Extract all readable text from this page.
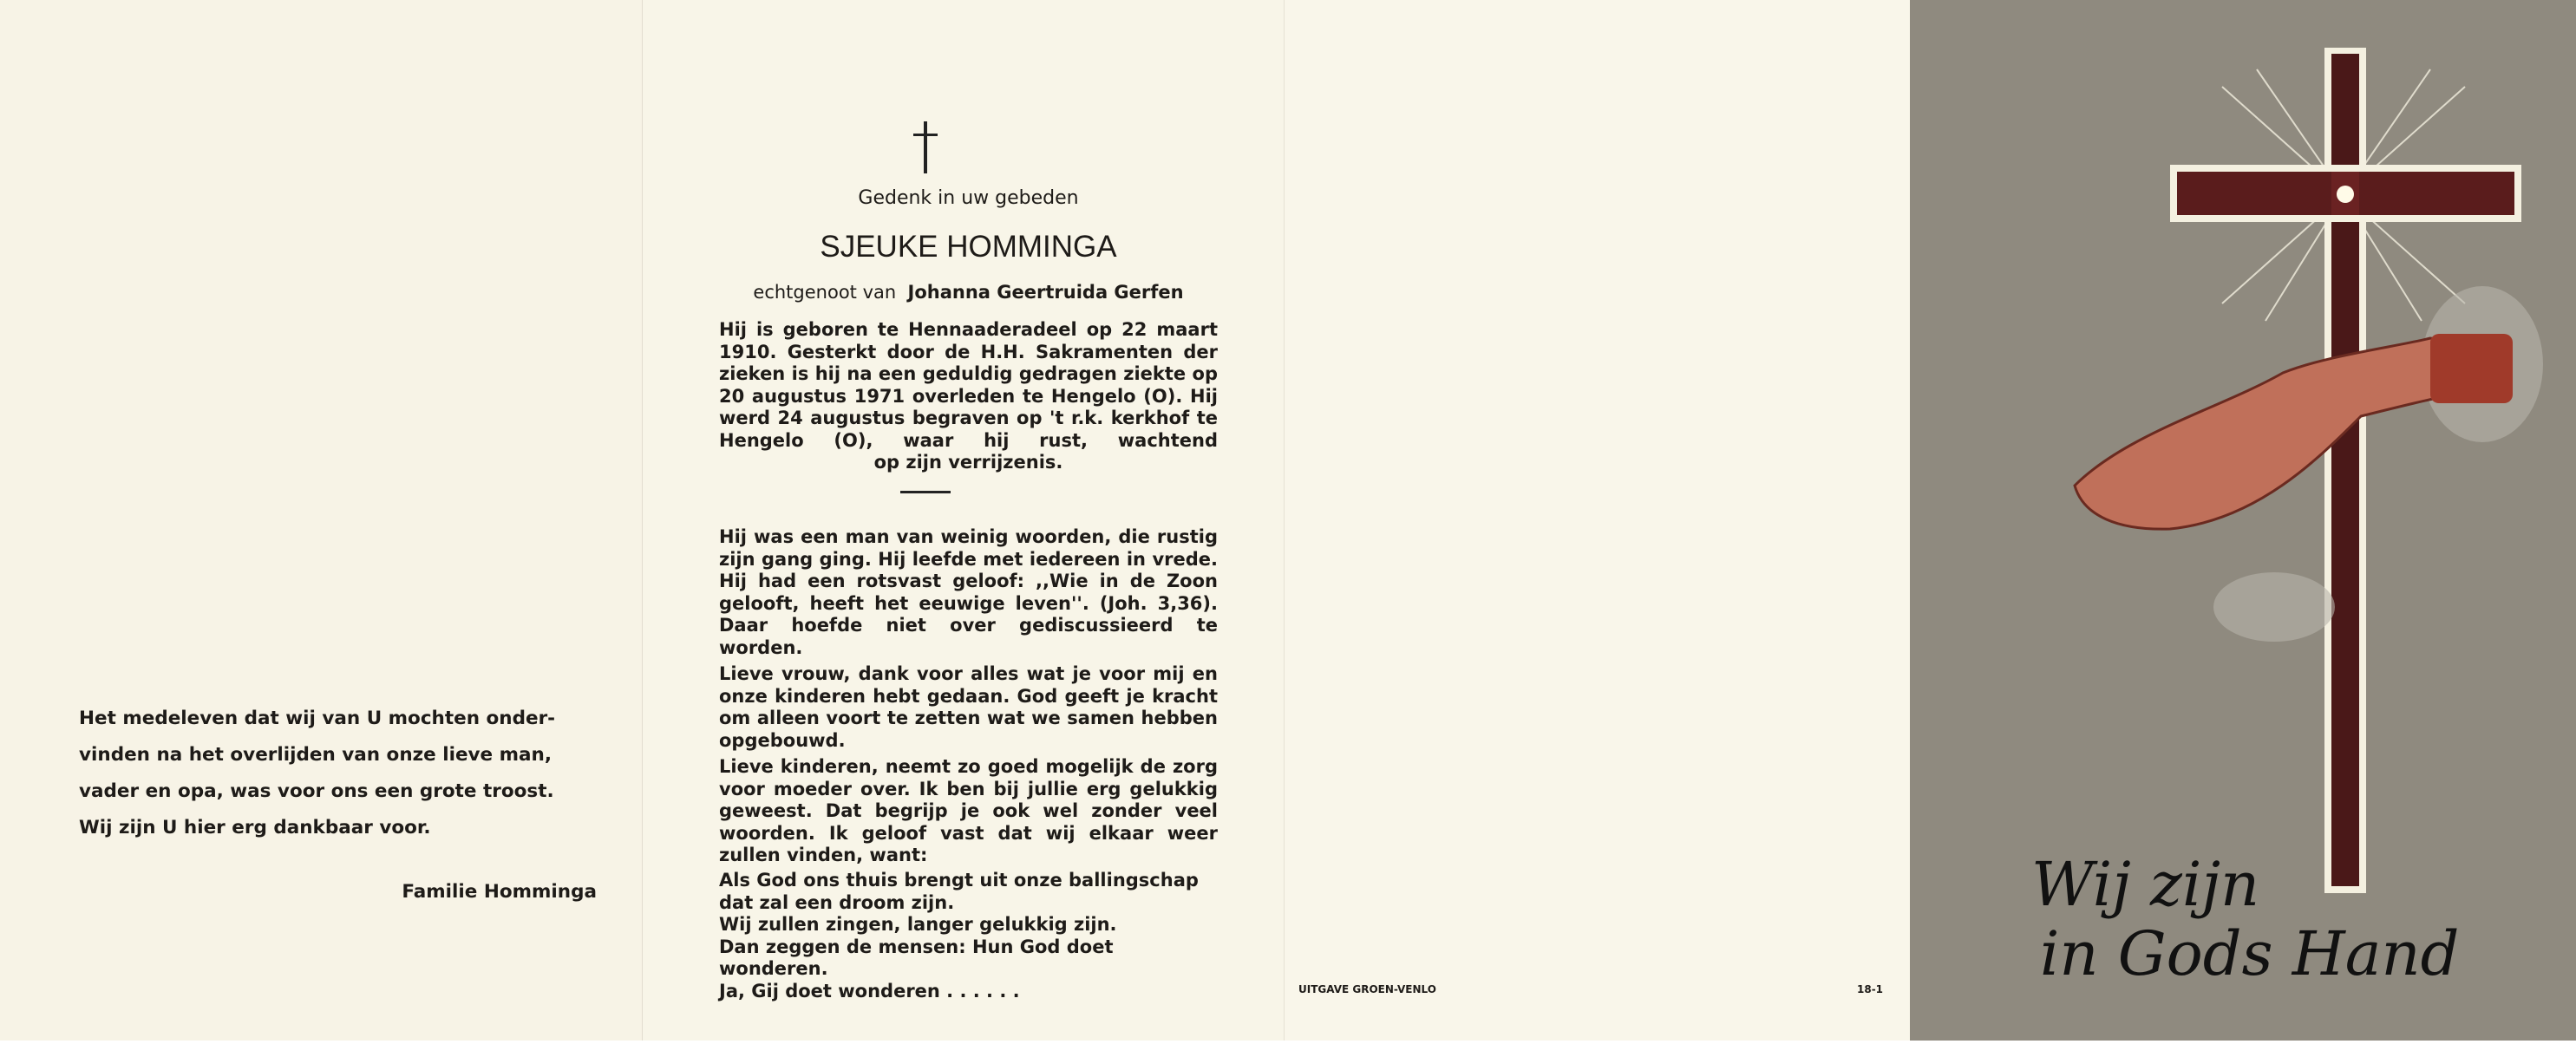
Het medeleven dat wij van U mochten onder-
vinden na het overlijden van onze lieve man,
vader en opa, was voor ons een grote troost.
Wij zijn U hier erg dankbaar voor.
Familie Homminga
Gedenk in uw gebeden
SJEUKE HOMMINGA
echtgenoot van Johanna Geertruida Gerfen
Hij is geboren te Hennaaderadeel op 22 maart 1910. Gesterkt door de H.H. Sakramenten der zieken is hij na een geduldig gedragen ziekte op 20 augustus 1971 overleden te Hengelo (O). Hij werd 24 augustus begraven op 't r.k. kerkhof te Hengelo (O), waar hij rust, wachtend
op zijn verrijzenis.
Hij was een man van weinig woorden, die rustig zijn gang ging. Hij leefde met iedereen in vrede. Hij had een rotsvast geloof: ,,Wie in de Zoon gelooft, heeft het eeuwige leven''. (Joh. 3,36). Daar hoefde niet over gediscussieerd te worden.
Lieve vrouw, dank voor alles wat je voor mij en onze kinderen hebt gedaan. God geeft je kracht om alleen voort te zetten wat we samen hebben opgebouwd.
Lieve kinderen, neemt zo goed mogelijk de zorg voor moeder over. Ik ben bij jullie erg gelukkig geweest. Dat begrijp je ook wel zonder veel woorden. Ik geloof vast dat wij elkaar weer zullen vinden, want:
Als God ons thuis brengt uit onze ballingschap
dat zal een droom zijn.
Wij zullen zingen, langer gelukkig zijn.
Dan zeggen de mensen: Hun God doet wonderen.
Ja, Gij doet wonderen . . . . . .	UITGAVE GROEN-VENLO	18-1
Wij zijn
in Gods Hand
